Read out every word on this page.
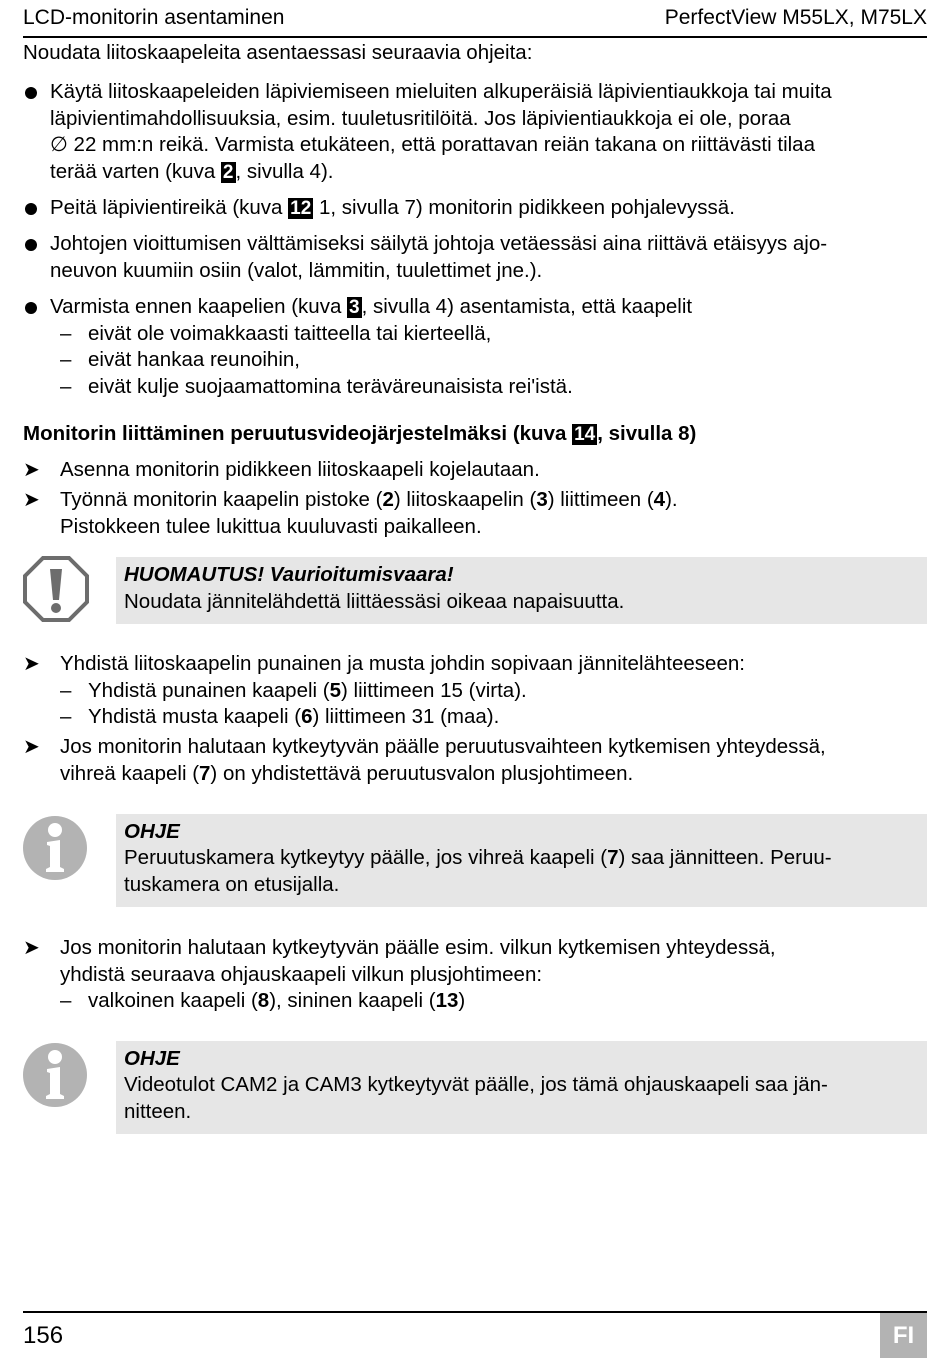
LCD-monitorin asentaminen	PerfectView M55LX, M75LX
Noudata liitoskaapeleita asentaessasi seuraavia ohjeita:
Käytä liitoskaapeleiden läpiviemiseen mieluiten alkuperäisiä läpivientiaukkoja tai muita
läpivientimahdollisuuksia, esim. tuuletusritilöitä. Jos läpivientiaukkoja ei ole, poraa
∅ 22 mm:n reikä. Varmista etukäteen, että porattavan reiän takana on riittävästi tilaa
terää varten (kuva 2, sivulla 4).
Peitä läpivientireikä (kuva 12 1, sivulla 7) monitorin pidikkeen pohjalevyssä.
Johtojen vioittumisen välttämiseksi säilytä johtoja vetäessäsi aina riittävä etäisyys ajo-
neuvon kuumiin osiin (valot, lämmitin, tuulettimet jne.).
Varmista ennen kaapelien (kuva 3, sivulla 4) asentamista, että kaapelit
– eivät ole voimakkaasti taitteella tai kierteellä,
– eivät hankaa reunoihin,
– eivät kulje suojaamattomina teräväreunaisista rei'istä.
Monitorin liittäminen peruutusvideojärjestelmäksi (kuva 14, sivulla 8)
➤ Asenna monitorin pidikkeen liitoskaapeli kojelautaan.
➤ Työnnä monitorin kaapelin pistoke (2) liitoskaapelin (3) liittimeen (4).
Pistokkeen tulee lukittua kuuluvasti paikalleen.
HUOMAUTUS! Vaurioitumisvaara!
Noudata jännitelähdettä liittäessäsi oikeaa napaisuutta.
➤ Yhdistä liitoskaapelin punainen ja musta johdin sopivaan jännitelähteeseen:
– Yhdistä punainen kaapeli (5) liittimeen 15 (virta).
– Yhdistä musta kaapeli (6) liittimeen 31 (maa).
➤ Jos monitorin halutaan kytkeytyvän päälle peruutusvaihteen kytkemisen yhteydessä,
vihreä kaapeli (7) on yhdistettävä peruutusvalon plusjohtimeen.
OHJE
Peruutuskamera kytkeytyy päälle, jos vihreä kaapeli (7) saa jännitteen. Peruu-
tuskamera on etusijalla.
➤ Jos monitorin halutaan kytkeytyvän päälle esim. vilkun kytkemisen yhteydessä,
yhdistä seuraava ohjauskaapeli vilkun plusjohtimeen:
– valkoinen kaapeli (8), sininen kaapeli (13)
OHJE
Videotulot CAM2 ja CAM3 kytkeytyvät päälle, jos tämä ohjauskaapeli saa jän-
nitteen.
156	FI
